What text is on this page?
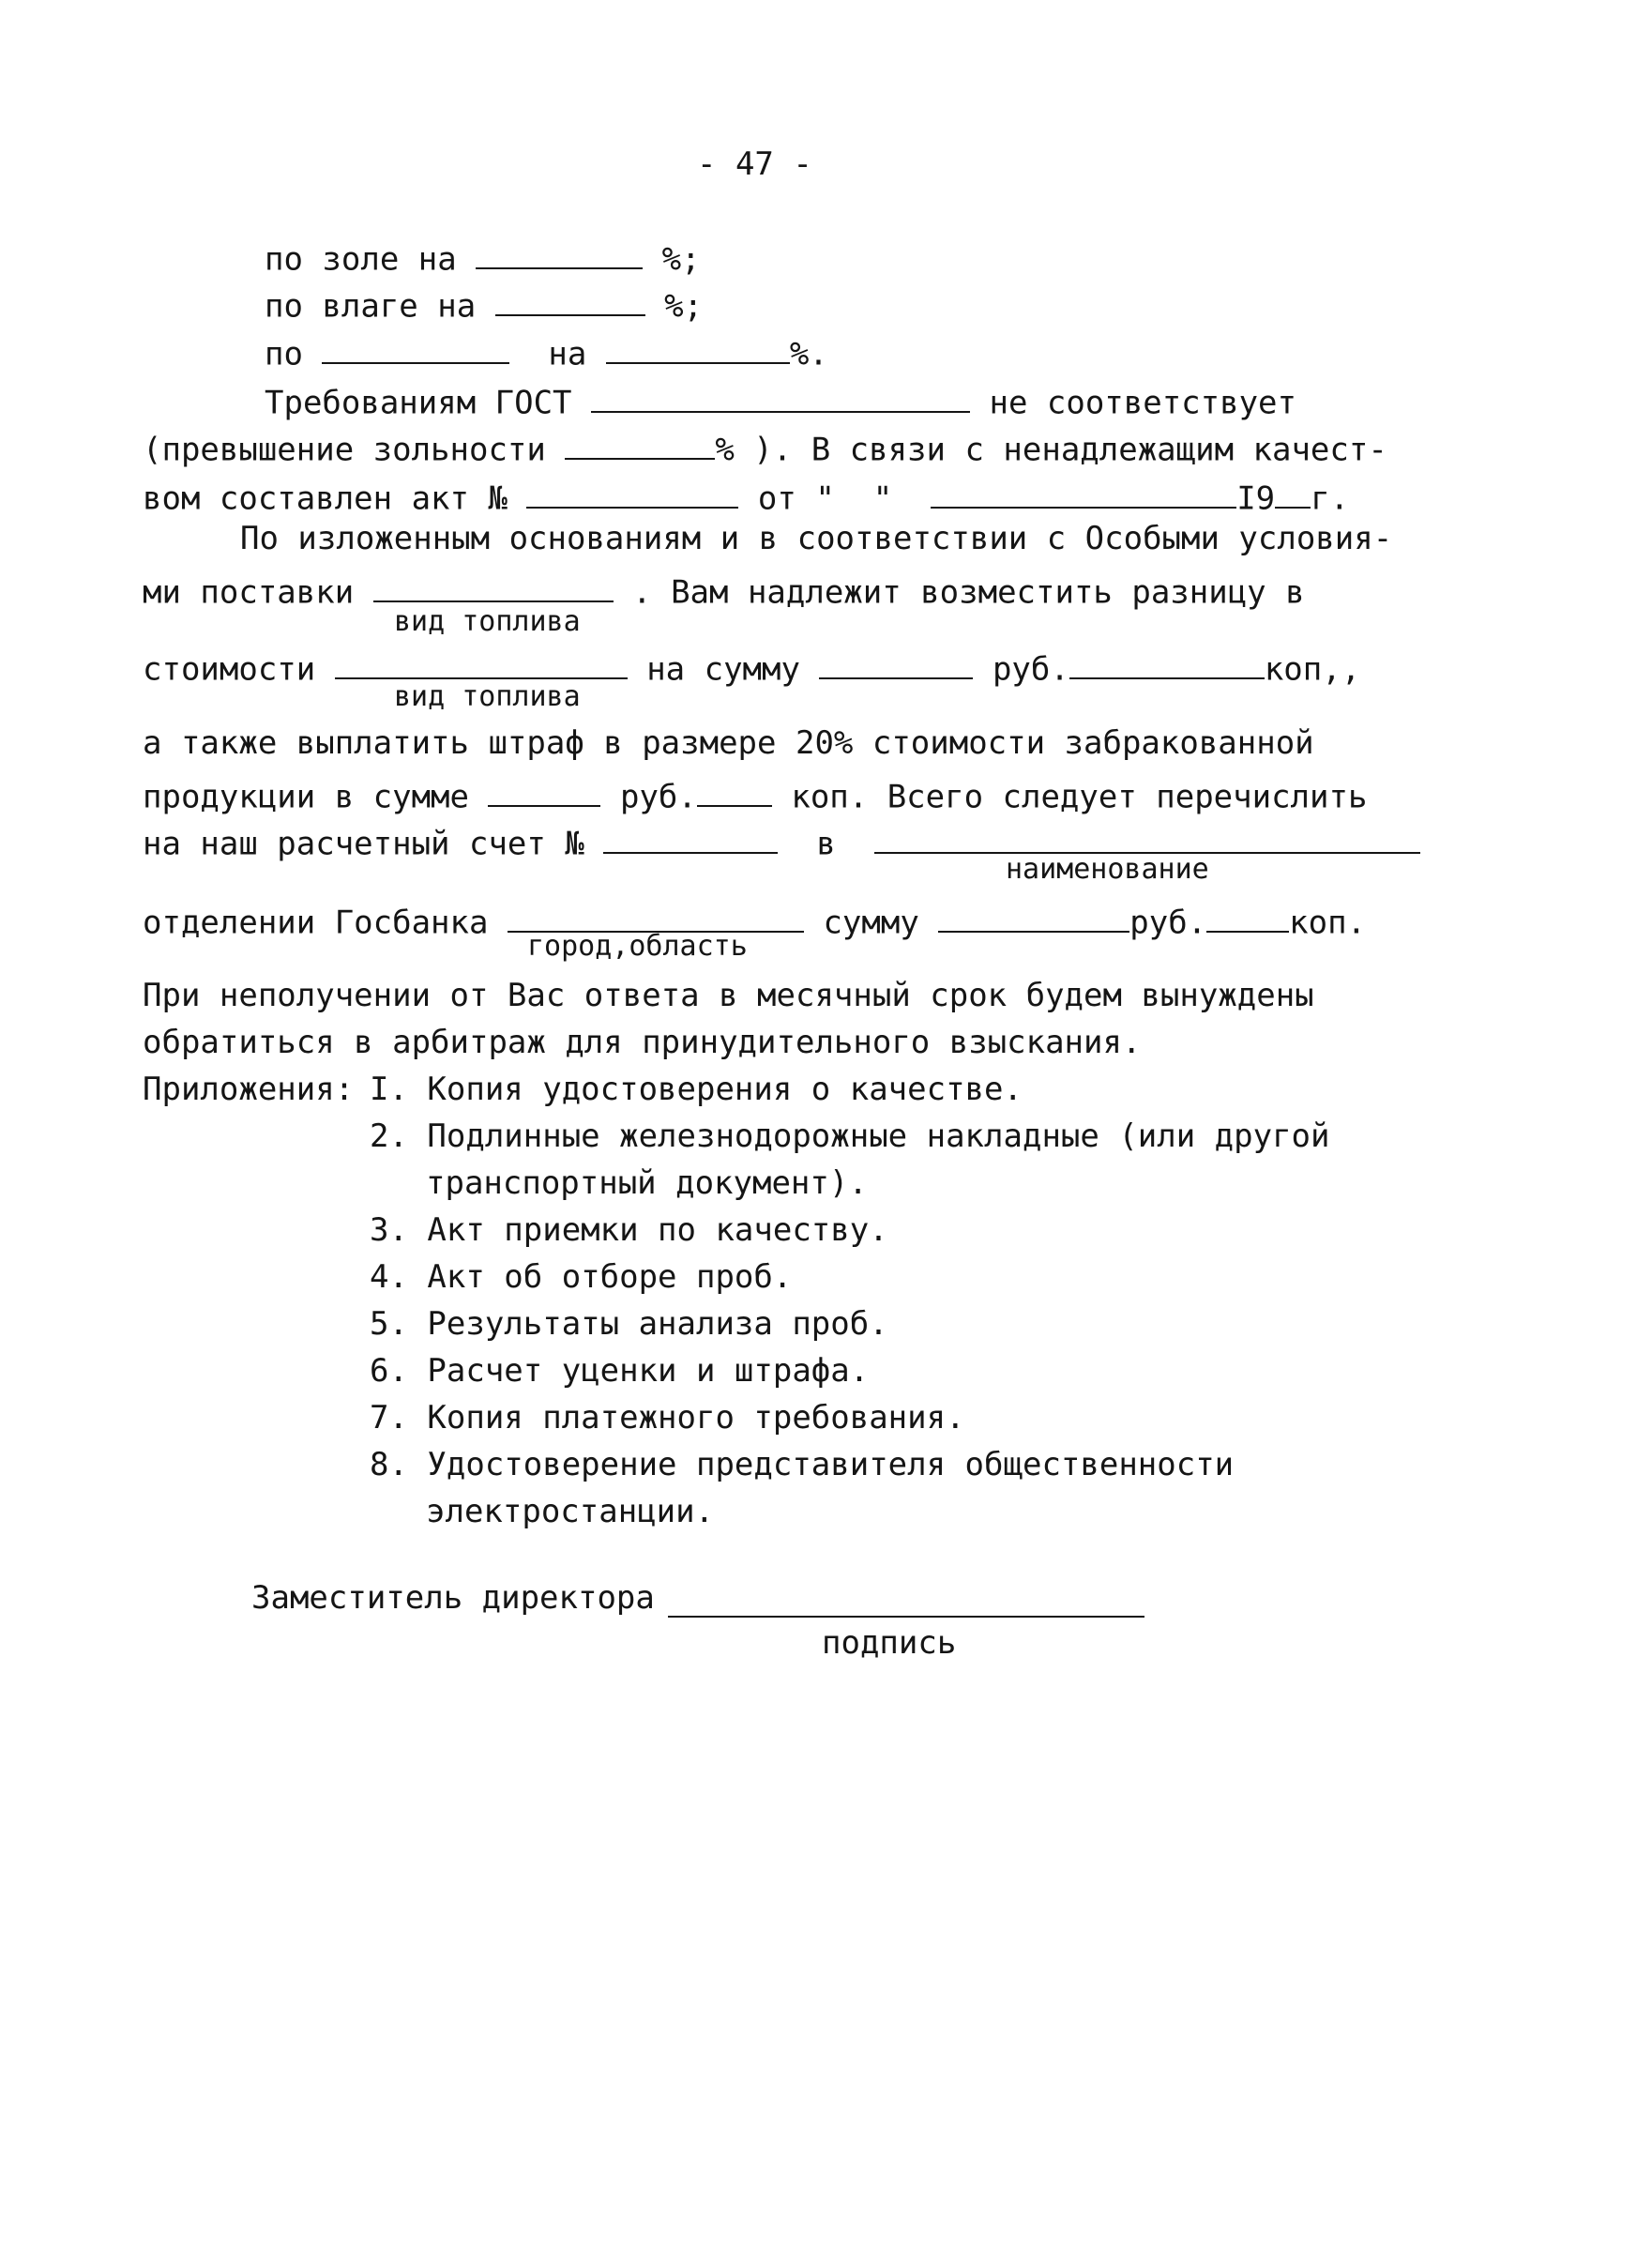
- 47 -
по золе на	%;
по влаге на	%;
по	на	%.
Требованиям ГОСТ	не соответствует
(превышение зольности	% ). В связи с ненадлежащим качест-
вом составлен акт №	от " "	I9 г.
По изложенным основаниям и в соответствии с Особыми условия-
ми поставки	. Вам надлежит возместить разницу в
вид топлива
стоимости	на сумму	руб.	коп,,
вид топлива
а также выплатить штраф в размере 20% стоимости забракованной
продукции в сумме	руб.	коп. Всего следует перечислить
на наш расчетный счет №	в
наименование
отделении Госбанка	сумму	руб.	коп.
город,область
При неполучении от Вас ответа в месячный срок будем вынуждены
обратиться в арбитраж для принудительного взыскания.
Приложения: I. Копия удостоверения о качестве.
2. Подлинные железнодорожные накладные (или другой
транспортный документ).
3. Акт приемки по качеству.
4. Акт об отборе проб.
5. Результаты анализа проб.
6. Расчет уценки и штрафа.
7. Копия платежного требования.
8. Удостоверение представителя общественности
электростанции.
Заместитель директора
подпись
